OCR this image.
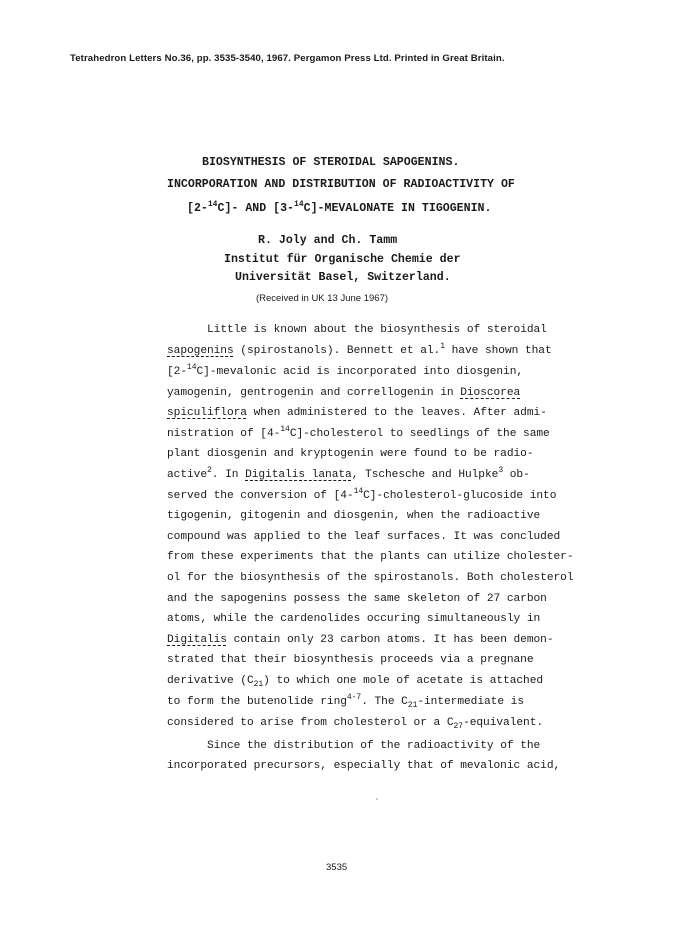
Tetrahedron Letters No.36, pp. 3535-3540, 1967. Pergamon Press Ltd. Printed in Great Britain.
BIOSYNTHESIS OF STEROIDAL SAPOGENINS.
INCORPORATION AND DISTRIBUTION OF RADIOACTIVITY OF
[2-$^{14}$C]- AND [3-$^{14}$C]-MEVALONATE IN TIGOGENIN.
R. Joly and Ch. Tamm
Institut für Organische Chemie der
Universität Basel, Switzerland.
(Received in UK 13 June 1967)
Little is known about the biosynthesis of steroidal
sapogenins (spirostanols). Bennett et al.$^1$ have shown that
[2-$^{14}$C]-mevalonic acid is incorporated into diosgenin,
yamogenin, gentrogenin and correllogenin in Dioscorea
spiculiflora when administered to the leaves. After admi-
nistration of [4-$^{14}$C]-cholesterol to seedlings of the same
plant diosgenin and kryptogenin were found to be radio-
active$^2$. In Digitalis lanata, Tschesche and Hulpke$^3$ ob-
served the conversion of [4-$^{14}$C]-cholesterol-glucoside into
tigogenin, gitogenin and diosgenin, when the radioactive
compound was applied to the leaf surfaces. It was concluded
from these experiments that the plants can utilize cholester-
ol for the biosynthesis of the spirostanols. Both cholesterol
and the sapogenins possess the same skeleton of 27 carbon
atoms, while the cardenolides occuring simultaneously in
Digitalis contain only 23 carbon atoms. It has been demon-
strated that their biosynthesis proceeds via a pregnane
derivative $(C_{21})$ to which one mole of acetate is attached
to form the butenolide ring$^{4-7}$. The $C_{21}$-intermediate is
considered to arise from cholesterol or a $C_{27}$-equivalent.
Since the distribution of the radioactivity of the
incorporated precursors, especially that of mevalonic acid,
3535
